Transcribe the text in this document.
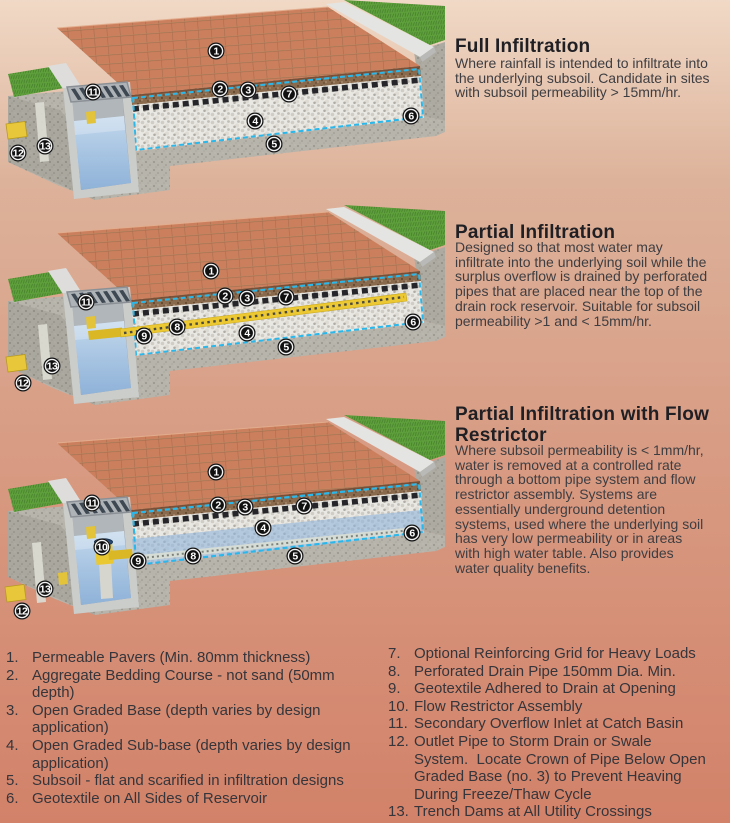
1
2	3	7
4
5
6
11
12
13
1
2	3	7
8
9	4
5
6
11
12
13
1
2	3	7
4
8
9
10
5
6
11
12
13
Full Infiltration
Where rainfall is intended to infiltrate into
the underlying subsoil. Candidate in sites
with subsoil permeability > 15mm/hr.
Partial Infiltration
Designed so that most water may
infiltrate into the underlying soil while the
surplus overflow is drained by perforated
pipes that are placed near the top of the
drain rock reservoir. Suitable for subsoil
permeability >1 and < 15mm/hr.
Partial Infiltration with Flow Restrictor
Where subsoil permeability is < 1mm/hr,
water is removed at a controlled rate
through a bottom pipe system and flow
restrictor assembly. Systems are
essentially underground detention
systems, used where the underlying soil
has very low permeability or in areas
with high water table. Also provides
water quality benefits.
1. Permeable Pavers (Min. 80mm thickness)
2. Aggregate Bedding Course - not sand (50mm
depth)
3. Open Graded Base (depth varies by design
application)
4. Open Graded Sub-base (depth varies by design
application)
5. Subsoil - flat and scarified in infiltration designs
6. Geotextile on All Sides of Reservoir
7. Optional Reinforcing Grid for Heavy Loads
8. Perforated Drain Pipe 150mm Dia. Min.
9. Geotextile Adhered to Drain at Opening
10. Flow Restrictor Assembly
11. Secondary Overflow Inlet at Catch Basin
12. Outlet Pipe to Storm Drain or Swale
System.  Locate Crown of Pipe Below Open
Graded Base (no. 3) to Prevent Heaving
During Freeze/Thaw Cycle
13. Trench Dams at All Utility Crossings
